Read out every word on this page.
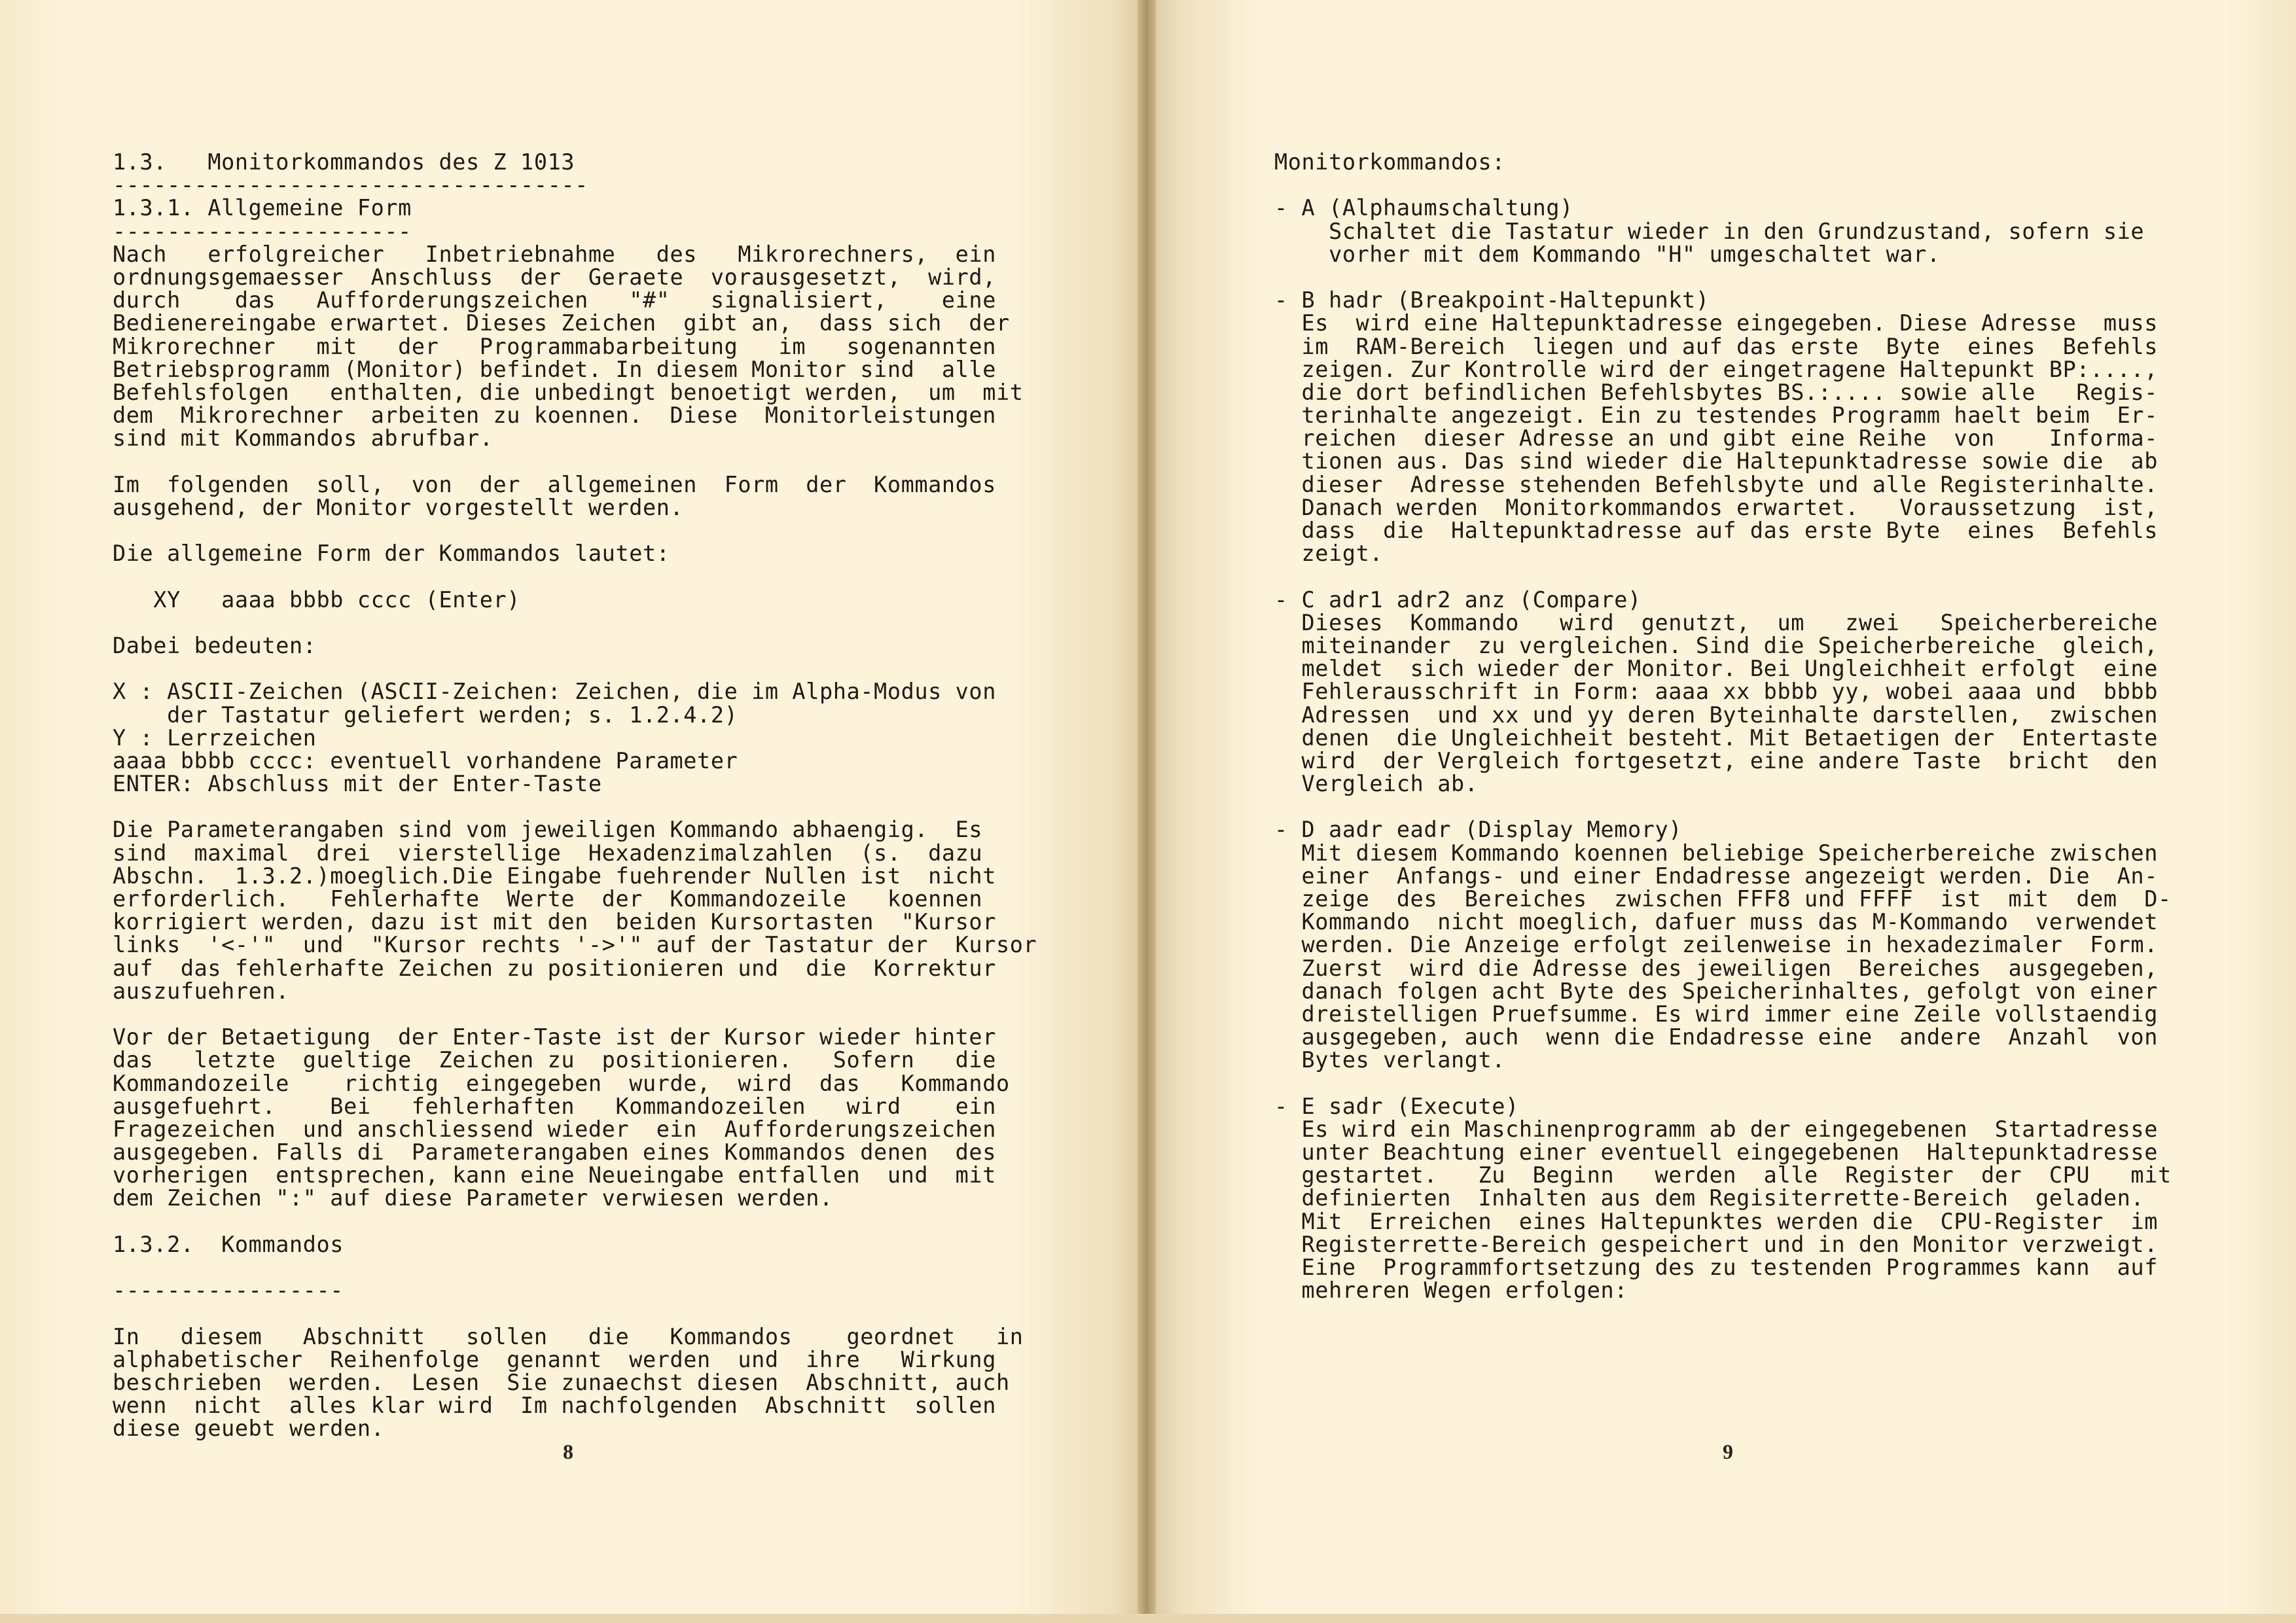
1.3.   Monitorkommandos des Z 1013
-----------------------------------
1.3.1. Allgemeine Form
----------------------
Nach   erfolgreicher   Inbetriebnahme   des   Mikrorechners,  ein
ordnungsgemaesser  Anschluss  der  Geraete  vorausgesetzt,  wird,
durch    das   Aufforderungszeichen   "#"   signalisiert,    eine
Bedienereingabe erwartet. Dieses Zeichen  gibt an,  dass sich  der
Mikrorechner   mit   der   Programmabarbeitung   im   sogenannten
Betriebsprogramm (Monitor) befindet. In diesem Monitor sind  alle
Befehlsfolgen   enthalten, die unbedingt benoetigt werden,  um  mit
dem  Mikrorechner  arbeiten zu koennen.  Diese  Monitorleistungen
sind mit Kommandos abrufbar.
Im  folgenden  soll,  von  der  allgemeinen  Form  der  Kommandos
ausgehend, der Monitor vorgestellt werden.
Die allgemeine Form der Kommandos lautet:
XY   aaaa bbbb cccc (Enter)
Dabei bedeuten:
X : ASCII-Zeichen (ASCII-Zeichen: Zeichen, die im Alpha-Modus von
der Tastatur geliefert werden; s. 1.2.4.2)
Y : Lerrzeichen
aaaa bbbb cccc: eventuell vorhandene Parameter
ENTER: Abschluss mit der Enter-Taste
Die Parameterangaben sind vom jeweiligen Kommando abhaengig.  Es
sind  maximal  drei  vierstellige  Hexadenzimalzahlen  (s.  dazu
Abschn.  1.3.2.)moeglich.Die Eingabe fuehrender Nullen ist  nicht
erforderlich.   Fehlerhafte  Werte  der  Kommandozeile   koennen
korrigiert werden, dazu ist mit den  beiden Kursortasten  "Kursor
links  '<-'"  und  "Kursor rechts '->'" auf der Tastatur der  Kursor
auf  das fehlerhafte Zeichen zu positionieren und  die  Korrektur
auszufuehren.
Vor der Betaetigung  der Enter-Taste ist der Kursor wieder hinter
das   letzte  gueltige  Zeichen zu  positionieren.   Sofern   die
Kommandozeile    richtig  eingegeben  wurde,  wird  das   Kommando
ausgefuehrt.    Bei   fehlerhaften   Kommandozeilen   wird    ein
Fragezeichen  und anschliessend wieder  ein  Aufforderungszeichen
ausgegeben. Falls di  Parameterangaben eines Kommandos denen  des
vorherigen  entsprechen, kann eine Neueingabe entfallen  und  mit
dem Zeichen ":" auf diese Parameter verwiesen werden.
1.3.2.  Kommandos
-----------------
In   diesem   Abschnitt   sollen   die   Kommandos    geordnet   in
alphabetischer  Reihenfolge  genannt  werden  und  ihre   Wirkung
beschrieben  werden.  Lesen  Sie zunaechst diesen  Abschnitt, auch
wenn  nicht  alles klar wird  Im nachfolgenden  Abschnitt  sollen
diese geuebt werden.
8
Monitorkommandos:
- A (Alphaumschaltung)
Schaltet die Tastatur wieder in den Grundzustand, sofern sie
vorher mit dem Kommando "H" umgeschaltet war.
- B hadr (Breakpoint-Haltepunkt)
Es  wird eine Haltepunktadresse eingegeben. Diese Adresse  muss
im  RAM-Bereich  liegen und auf das erste  Byte  eines  Befehls
zeigen. Zur Kontrolle wird der eingetragene Haltepunkt BP:....,
die dort befindlichen Befehlsbytes BS.:.... sowie alle   Regis-
terinhalte angezeigt. Ein zu testendes Programm haelt beim  Er-
reichen  dieser Adresse an und gibt eine Reihe  von    Informa-
tionen aus. Das sind wieder die Haltepunktadresse sowie die  ab
dieser  Adresse stehenden Befehlsbyte und alle Registerinhalte.
Danach werden  Monitorkommandos erwartet.   Voraussetzung  ist,
dass  die  Haltepunktadresse auf das erste Byte  eines  Befehls
zeigt.
- C adr1 adr2 anz (Compare)
Dieses  Kommando   wird  genutzt,  um   zwei   Speicherbereiche
miteinander  zu vergleichen. Sind die Speicherbereiche  gleich,
meldet  sich wieder der Monitor. Bei Ungleichheit erfolgt  eine
Fehlerausschrift in Form: aaaa xx bbbb yy, wobei aaaa und  bbbb
Adressen  und xx und yy deren Byteinhalte darstellen,  zwischen
denen  die Ungleichheit besteht. Mit Betaetigen der  Entertaste
wird  der Vergleich fortgesetzt, eine andere Taste  bricht  den
Vergleich ab.
- D aadr eadr (Display Memory)
Mit diesem Kommando koennen beliebige Speicherbereiche zwischen
einer  Anfangs- und einer Endadresse angezeigt werden. Die  An-
zeige  des  Bereiches  zwischen FFF8 und FFFF  ist  mit  dem  D-
Kommando  nicht moeglich, dafuer muss das M-Kommando  verwendet
werden. Die Anzeige erfolgt zeilenweise in hexadezimaler  Form.
Zuerst  wird die Adresse des jeweiligen  Bereiches  ausgegeben,
danach folgen acht Byte des Speicherinhaltes, gefolgt von einer
dreistelligen Pruefsumme. Es wird immer eine Zeile vollstaendig
ausgegeben, auch  wenn die Endadresse eine  andere  Anzahl  von
Bytes verlangt.
- E sadr (Execute)
Es wird ein Maschinenprogramm ab der eingegebenen  Startadresse
unter Beachtung einer eventuell eingegebenen  Haltepunktadresse
gestartet.   Zu  Beginn   werden  alle  Register  der  CPU   mit
definierten  Inhalten aus dem Regisiterrette-Bereich  geladen.
Mit  Erreichen  eines Haltepunktes werden die  CPU-Register  im
Registerrette-Bereich gespeichert und in den Monitor verzweigt.
Eine  Programmfortsetzung des zu testenden Programmes kann  auf
mehreren Wegen erfolgen:
9
